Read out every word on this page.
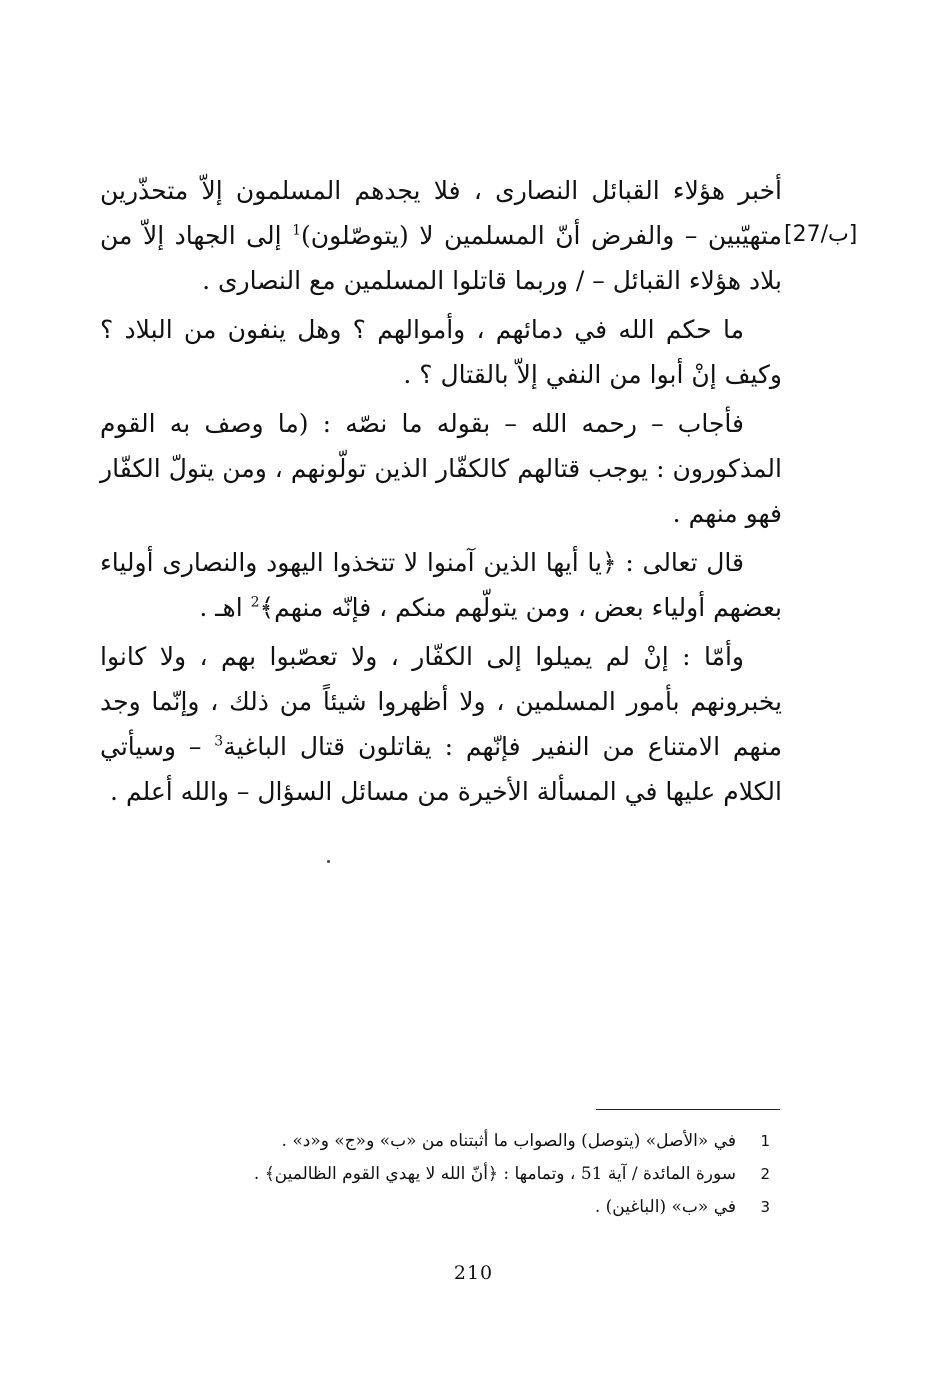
أخبر هؤلاء القبائل النصارى ، فلا يجدهم المسلمون إلاّ متحذّرين متهيّبين – والفرض أنّ المسلمين لا (يتوصّلون)$^1$ إلى الجهاد إلاّ من بلاد هؤلاء القبائل – / وربما قاتلوا المسلمين مع النصارى .

ما حكم الله في دمائهم ، وأموالهم ؟ وهل ينفون من البلاد ؟ وكيف إنْ أبوا من النفي إلاّ بالقتال ؟ .

فأجاب – رحمه الله – بقوله ما نصّه : (ما وصف به القوم المذكورون : يوجب قتالهم كالكفّار الذين تولّونهم ، ومن يتولّ الكفّار فهو منهم .

قال تعالى : ﴿يا أيها الذين آمنوا لا تتخذوا اليهود والنصارى أولياء بعضهم أولياء بعض ، ومن يتولّهم منكم ، فإنّه منهم﴾$^2$ اهـ .

وأمّا : إنْ لم يميلوا إلى الكفّار ، ولا تعصّبوا بهم ، ولا كانوا يخبرونهم بأمور المسلمين ، ولا أظهروا شيئاً من ذلك ، وإنّما وجد منهم الامتناع من النفير فإنّهم : يقاتلون قتال الباغية$^3$ – وسيأتي الكلام عليها في المسألة الأخيرة من مسائل السؤال – والله أعلم .

[27/ب]
1
في «الأصل» (يتوصل) والصواب ما أثبتناه من «ب» و«ج» و«د» .
2
سورة المائدة / آية 51 ، وتمامها : ﴿أنّ الله لا يهدي القوم الظالمين﴾ .
3
في «ب» (الباغين) .
210
